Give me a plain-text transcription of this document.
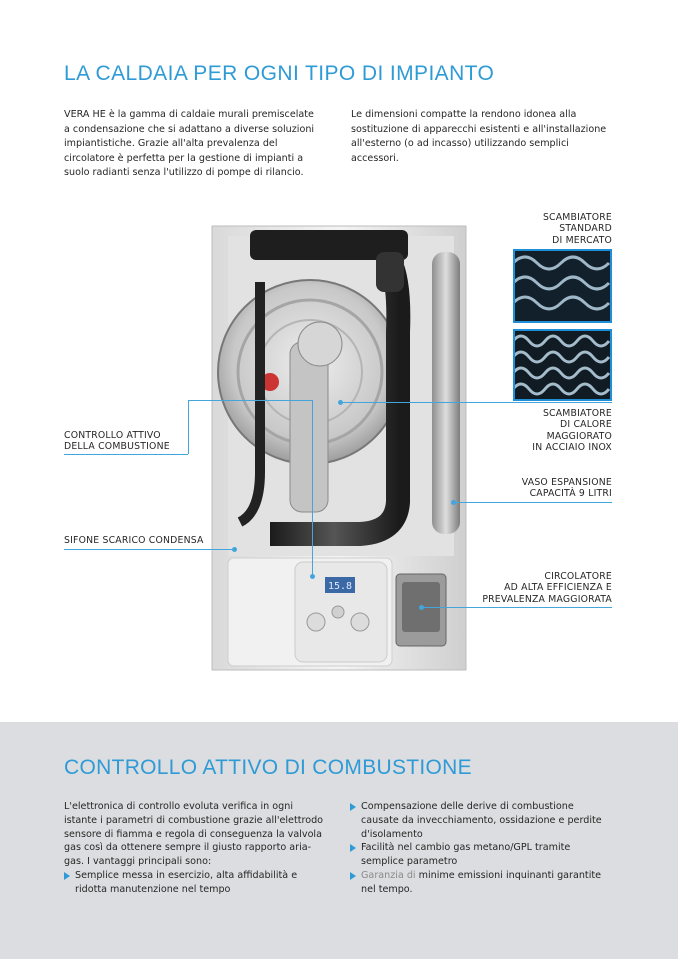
LA CALDAIA PER OGNI TIPO DI IMPIANTO
VERA HE è la gamma di caldaie murali premiscelate a condensazione che si adattano a diverse soluzioni impiantistiche. Grazie all'alta prevalenza del circolatore è perfetta per la gestione di impianti a suolo radianti senza l'utilizzo di pompe di rilancio.
Le dimensioni compatte la rendono idonea alla sostituzione di apparecchi esistenti e all'installazione all'esterno (o ad incasso) utilizzando semplici accessori.
15.8
SCAMBIATORE
STANDARD
DI MERCATO
SCAMBIATORE
DI CALORE
MAGGIORATO
IN ACCIAIO INOX
VASO ESPANSIONE
CAPACITÀ 9 LITRI
CIRCOLATORE
AD ALTA EFFICIENZA E
PREVALENZA MAGGIORATA
CONTROLLO ATTIVO
DELLA COMBUSTIONE
SIFONE SCARICO CONDENSA
CONTROLLO ATTIVO DI COMBUSTIONE
L'elettronica di controllo evoluta verifica in ogni istante i parametri di combustione grazie all'elettrodo sensore di fiamma e regola di conseguenza la valvola gas così da ottenere sempre il giusto rapporto aria-gas. I vantaggi principali sono:
Semplice messa in esercizio, alta affidabilità e ridotta manutenzione nel tempo
Compensazione delle derive di combustione causate da invecchiamento, ossidazione e perdite d'isolamento
Facilità nel cambio gas metano/GPL tramite semplice parametro
Garanzia di minime emissioni inquinanti garantite nel tempo.
